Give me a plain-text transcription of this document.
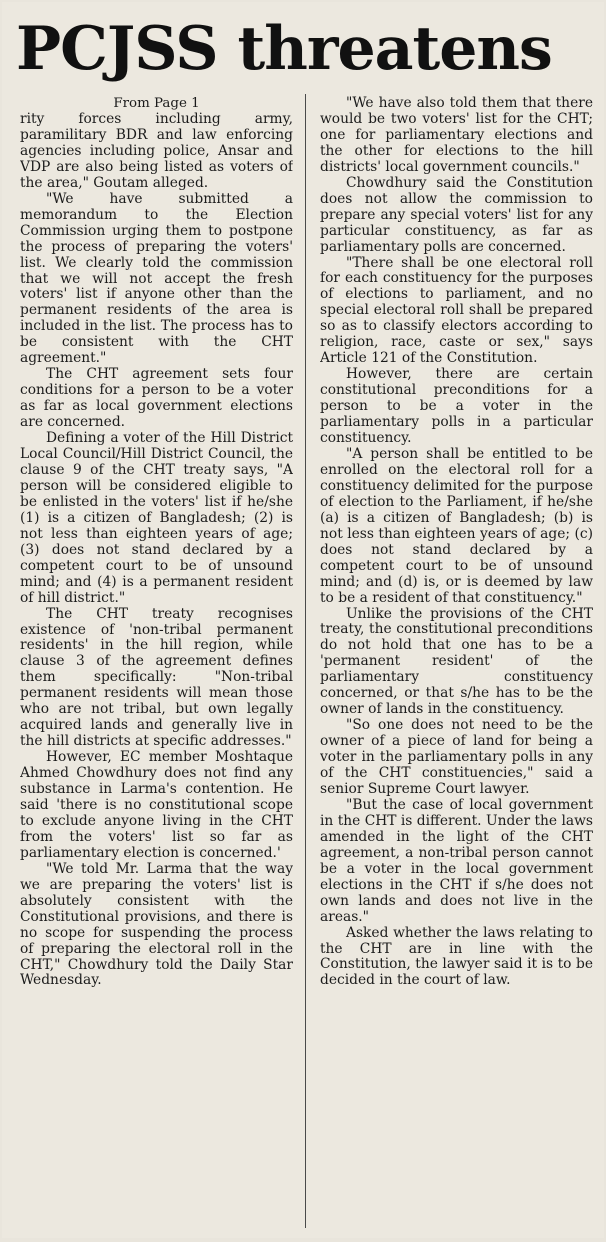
PCJSS threatens
From Page 1

rity forces including army, paramilitary BDR and law enforcing agencies including police, Ansar and VDP are also being listed as voters of the area," Goutam alleged.

"We have submitted a memorandum to the Election Commission urging them to postpone the process of preparing the voters' list. We clearly told the commission that we will not accept the fresh voters' list if anyone other than the permanent residents of the area is included in the list. The process has to be consistent with the CHT agreement."

The CHT agreement sets four conditions for a person to be a voter as far as local government elections are concerned.

Defining a voter of the Hill District Local Council/Hill District Council, the clause 9 of the CHT treaty says, "A person will be considered eligible to be enlisted in the voters' list if he/she (1) is a citizen of Bangladesh; (2) is not less than eighteen years of age; (3) does not stand declared by a competent court to be of unsound mind; and (4) is a permanent resident of hill district."

The CHT treaty recognises existence of 'non-tribal permanent residents' in the hill region, while clause 3 of the agreement defines them specifically: "Non-tribal permanent residents will mean those who are not tribal, but own legally acquired lands and generally live in the hill districts at specific addresses."

However, EC member Moshtaque Ahmed Chowdhury does not find any substance in Larma's contention. He said 'there is no constitutional scope to exclude anyone living in the CHT from the voters' list so far as parliamentary election is concerned.'

"We told Mr. Larma that the way we are preparing the voters' list is absolutely consistent with the Constitutional provisions, and there is no scope for suspending the process of preparing the electoral roll in the CHT," Chowdhury told the Daily Star Wednesday.

"We have also told them that there would be two voters' list for the CHT; one for parliamentary elections and the other for elections to the hill districts' local government councils."

Chowdhury said the Constitution does not allow the commission to prepare any special voters' list for any particular constituency, as far as parliamentary polls are concerned.

"There shall be one electoral roll for each constituency for the purposes of elections to parliament, and no special electoral roll shall be prepared so as to classify electors according to religion, race, caste or sex," says Article 121 of the Constitution.

However, there are certain constitutional preconditions for a person to be a voter in the parliamentary polls in a particular constituency.

"A person shall be entitled to be enrolled on the electoral roll for a constituency delimited for the purpose of election to the Parliament, if he/she (a) is a citizen of Bangladesh; (b) is not less than eighteen years of age; (c) does not stand declared by a competent court to be of unsound mind; and (d) is, or is deemed by law to be a resident of that constituency."

Unlike the provisions of the CHT treaty, the constitutional preconditions do not hold that one has to be a 'permanent resident' of the parliamentary constituency concerned, or that s/he has to be the owner of lands in the constituency.

"So one does not need to be the owner of a piece of land for being a voter in the parliamentary polls in any of the CHT constituencies," said a senior Supreme Court lawyer.

"But the case of local government in the CHT is different. Under the laws amended in the light of the CHT agreement, a non-tribal person cannot be a voter in the local government elections in the CHT if s/he does not own lands and does not live in the areas."

Asked whether the laws relating to the CHT are in line with the Constitution, the lawyer said it is to be decided in the court of law.
